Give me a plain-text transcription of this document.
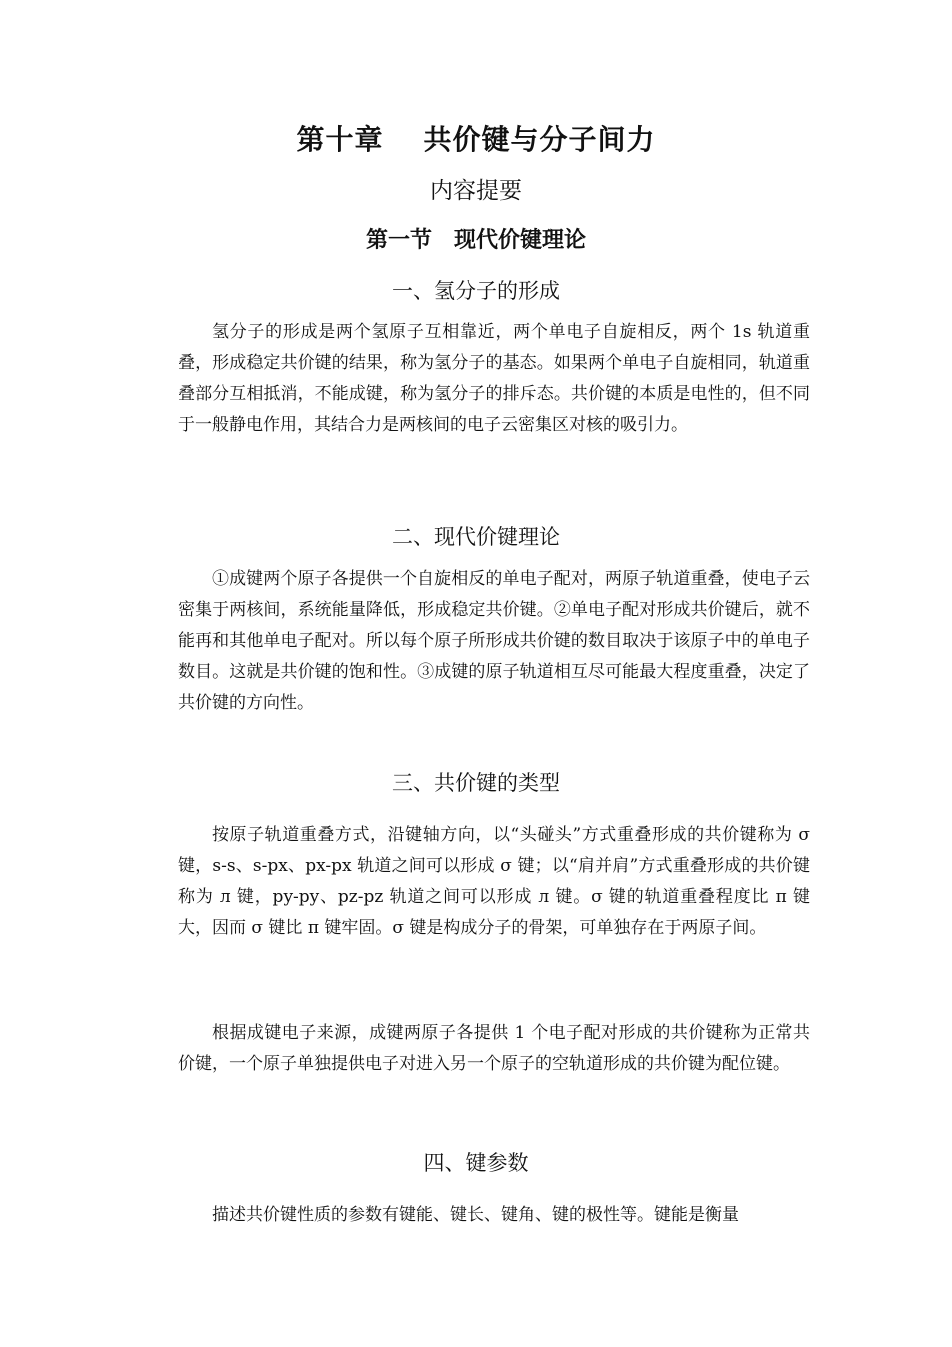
第十章 共价键与分子间力
内容提要
第一节 现代价键理论
一、氢分子的形成

氢分子的形成是两个氢原子互相靠近，两个单电子自旋相反，两个 1s 轨道重叠，形成稳定共价键的结果，称为氢分子的基态。如果两个单电子自旋相同，轨道重叠部分互相抵消，不能成键，称为氢分子的排斥态。共价键的本质是电性的，但不同于一般静电作用，其结合力是两核间的电子云密集区对核的吸引力。

二、现代价键理论

①成键两个原子各提供一个自旋相反的单电子配对，两原子轨道重叠，使电子云密集于两核间，系统能量降低，形成稳定共价键。②单电子配对形成共价键后，就不能再和其他单电子配对。所以每个原子所形成共价键的数目取决于该原子中的单电子数目。这就是共价键的饱和性。③成键的原子轨道相互尽可能最大程度重叠，决定了共价键的方向性。

三、共价键的类型

按原子轨道重叠方式，沿键轴方向，以“头碰头”方式重叠形成的共价键称为 σ 键，s-s、s-px、px-px 轨道之间可以形成 σ 键；以“肩并肩”方式重叠形成的共价键称为 л 键，py-py、pz-pz 轨道之间可以形成 л 键。σ 键的轨道重叠程度比 π 键大，因而 σ 键比 π 键牢固。σ 键是构成分子的骨架，可单独存在于两原子间。

根据成键电子来源，成键两原子各提供 1 个电子配对形成的共价键称为正常共价键，一个原子单独提供电子对进入另一个原子的空轨道形成的共价键为配位键。

四、键参数

描述共价键性质的参数有键能、键长、键角、键的极性等。键能是衡量
